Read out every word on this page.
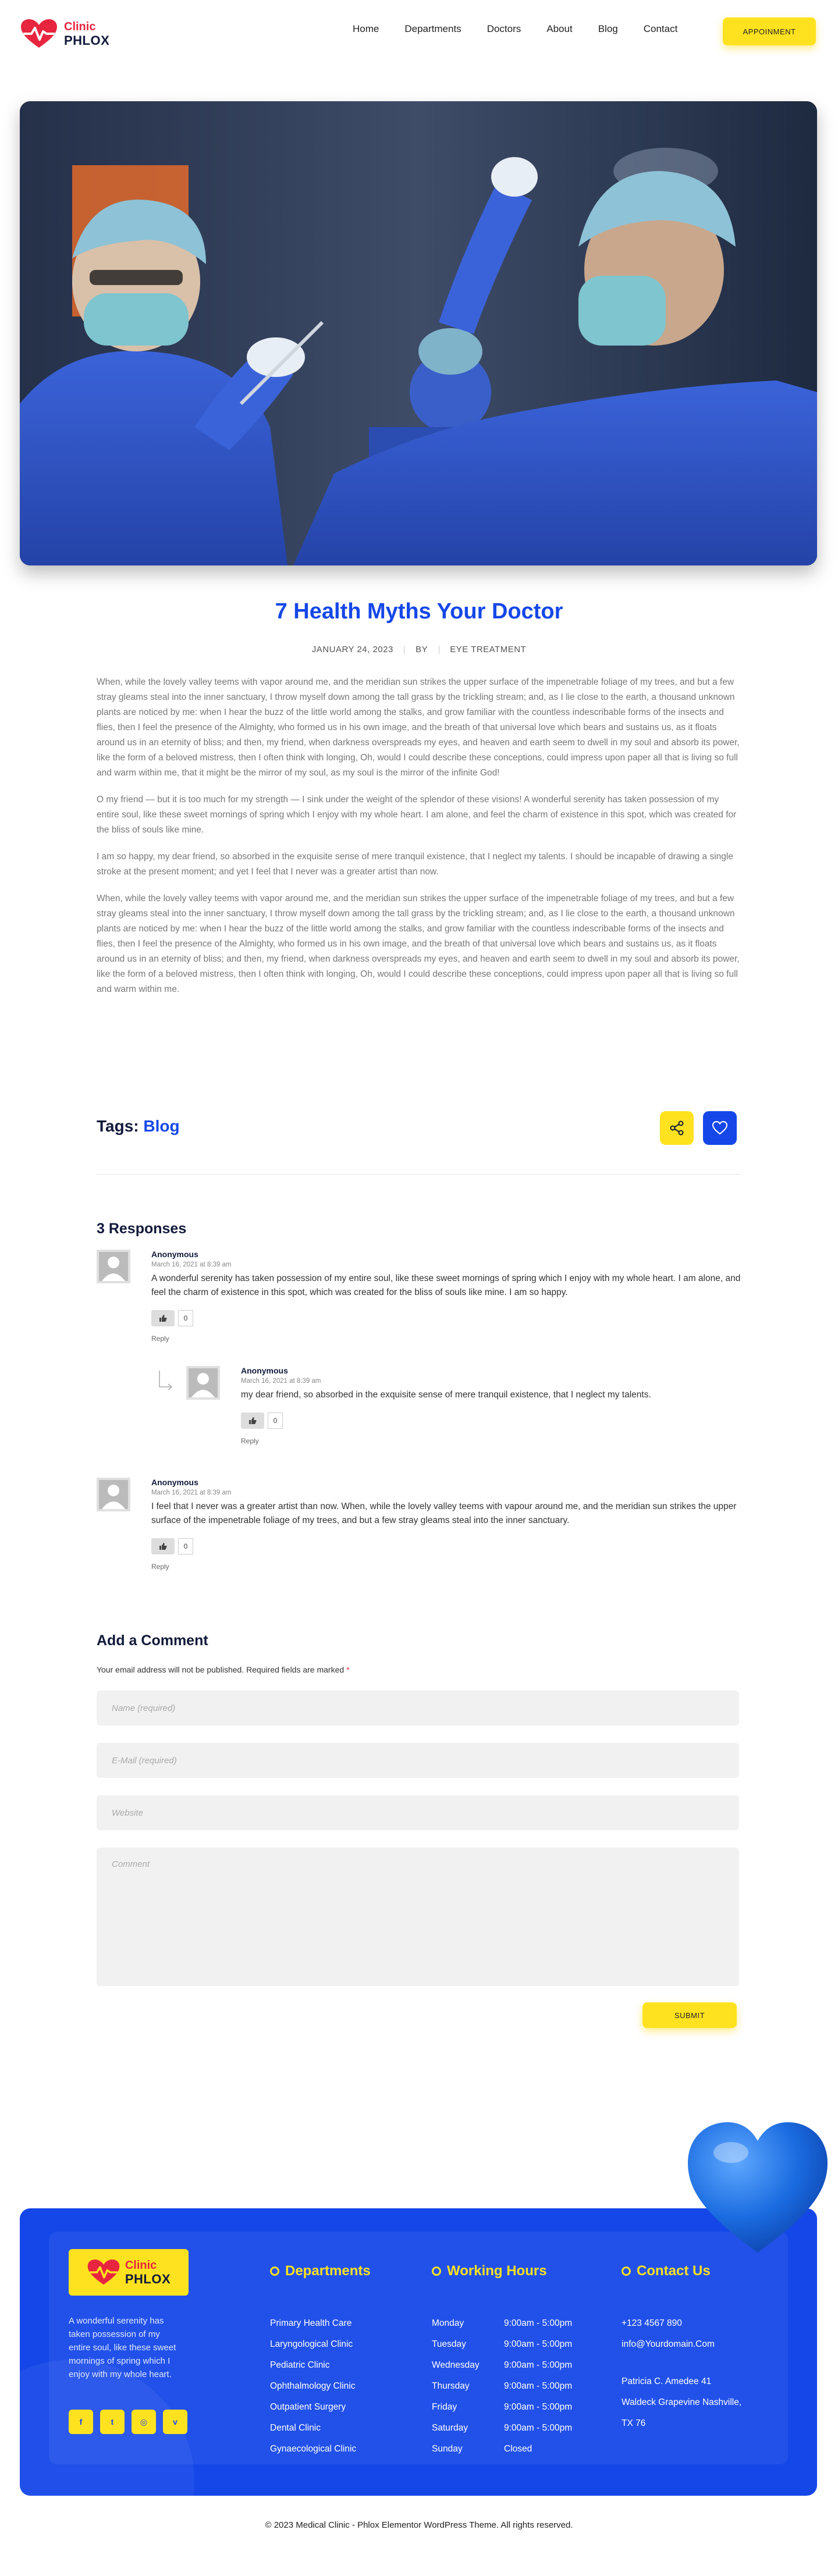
Clinic
PHLOX
Home	Departments	Doctors	About	Blog	Contact	APPOINMENT
7 Health Myths Your Doctor
JANUARY 24, 2023	BY	EYE TREATMENT

When, while the lovely valley teems with vapor around me, and the meridian sun strikes the upper surface of the impenetrable foliage of my trees, and but a few stray gleams steal into the inner sanctuary, I throw myself down among the tall grass by the trickling stream; and, as I lie close to the earth, a thousand unknown plants are noticed by me: when I hear the buzz of the little world among the stalks, and grow familiar with the countless indescribable forms of the insects and flies, then I feel the presence of the Almighty, who formed us in his own image, and the breath of that universal love which bears and sustains us, as it floats around us in an eternity of bliss; and then, my friend, when darkness overspreads my eyes, and heaven and earth seem to dwell in my soul and absorb its power, like the form of a beloved mistress, then I often think with longing, Oh, would I could describe these conceptions, could impress upon paper all that is living so full and warm within me, that it might be the mirror of my soul, as my soul is the mirror of the infinite God!

O my friend — but it is too much for my strength — I sink under the weight of the splendor of these visions! A wonderful serenity has taken possession of my entire soul, like these sweet mornings of spring which I enjoy with my whole heart. I am alone, and feel the charm of existence in this spot, which was created for the bliss of souls like mine.

I am so happy, my dear friend, so absorbed in the exquisite sense of mere tranquil existence, that I neglect my talents. I should be incapable of drawing a single stroke at the present moment; and yet I feel that I never was a greater artist than now.

When, while the lovely valley teems with vapor around me, and the meridian sun strikes the upper surface of the impenetrable foliage of my trees, and but a few stray gleams steal into the inner sanctuary, I throw myself down among the tall grass by the trickling stream; and, as I lie close to the earth, a thousand unknown plants are noticed by me: when I hear the buzz of the little world among the stalks, and grow familiar with the countless indescribable forms of the insects and flies, then I feel the presence of the Almighty, who formed us in his own image, and the breath of that universal love which bears and sustains us, as it floats around us in an eternity of bliss; and then, my friend, when darkness overspreads my eyes, and heaven and earth seem to dwell in my soul and absorb its power, like the form of a beloved mistress, then I often think with longing, Oh, would I could describe these conceptions, could impress upon paper all that is living so full and warm within me.

Tags: Blog
3 Responses
Anonymous
March 16, 2021 at 8:39 am
A wonderful serenity has taken possession of my entire soul, like these sweet mornings of spring which I enjoy with my whole heart. I am alone, and feel the charm of existence in this spot, which was created for the bliss of souls like mine. I am so happy.
0
Reply
Anonymous
March 16, 2021 at 8:39 am
my dear friend, so absorbed in the exquisite sense of mere tranquil existence, that I neglect my talents.
0
Reply
Anonymous
March 16, 2021 at 8:39 am
I feel that I never was a greater artist than now. When, while the lovely valley teems with vapour around me, and the meridian sun strikes the upper surface of the impenetrable foliage of my trees, and but a few stray gleams steal into the inner sanctuary.
0
Reply
Add a Comment
Your email address will not be published. Required fields are marked *
Name (required)
E-Mail (required)
Website
Comment
SUBMIT
Clinic
PHLOX

A wonderful serenity has taken possession of my entire soul, like these sweet mornings of spring which I enjoy with my whole heart.

f	t	◎	v
Departments
Primary Health Care
Laryngological Clinic
Pediatric Clinic
Ophthalmology Clinic
Outpatient Surgery
Dental Clinic
Gynaecological Clinic
Working Hours
Monday	9:00am - 5:00pm
Tuesday	9:00am - 5:00pm
Wednesday	9:00am - 5:00pm
Thursday	9:00am - 5:00pm
Friday	9:00am - 5:00pm
Saturday	9:00am - 5:00pm
Sunday	Closed
Contact Us
+123 4567 890
info@Yourdomain.Com
Patricia C. Amedee 41
Waldeck Grapevine Nashville,
TX 76
© 2023 Medical Clinic - Phlox Elementor WordPress Theme. All rights reserved.
